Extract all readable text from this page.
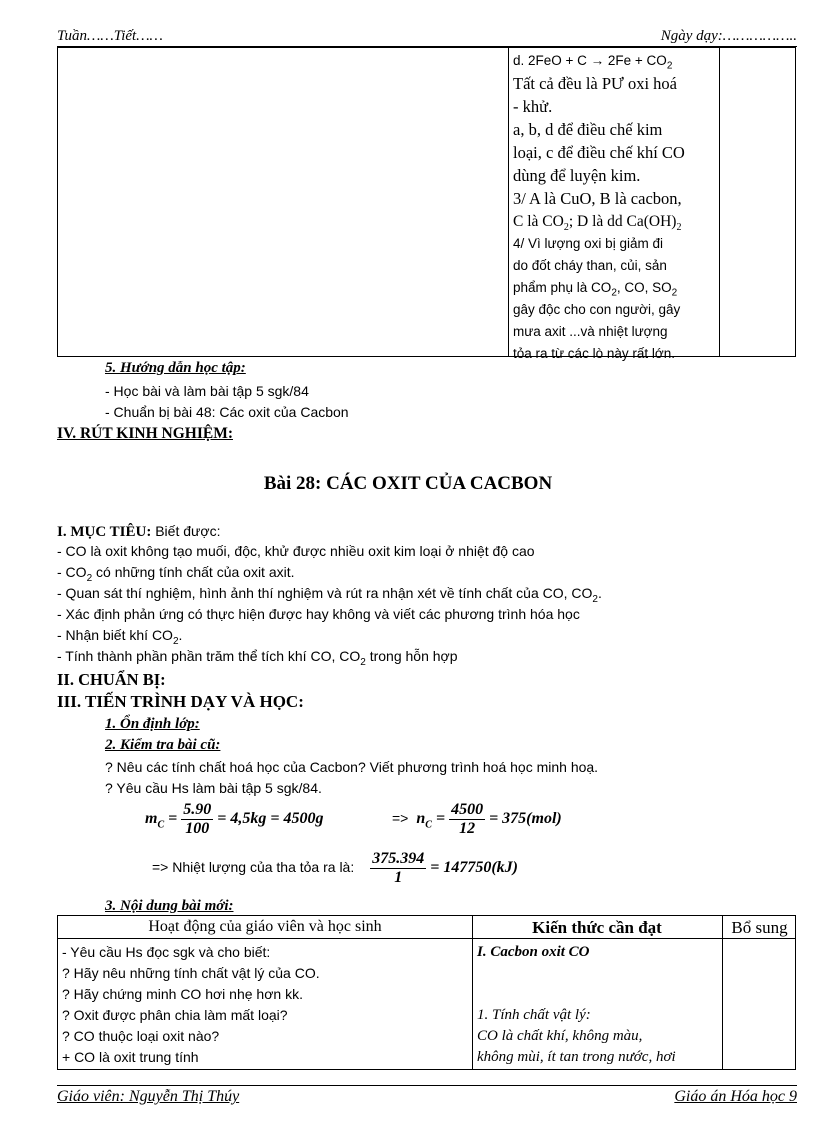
Tuần……Tiết……	Ngày dạy:……………..
d. $2FeO + C \to 2Fe + CO_2$
Tất cả đều là PƯ oxi hoá
- khử.
a, b, d để điều chế kim
loại, c để điều chế khí CO
dùng để luyện kim.
3/ A là CuO, B là cacbon,
C là $CO_2$; D là dd $Ca(OH)_2$
4/ Vì lượng oxi bị giảm đi
do đốt cháy than, củi, sản
phẩm phụ là $CO_2$, CO, $SO_2$
gây độc cho con người, gây
mưa axit ...và nhiệt lượng
tỏa ra từ các lò này rất lớn.
5. Hướng dẫn học tập:
- Học bài và làm bài tập 5 sgk/84
- Chuẩn bị bài 48: Các oxit của Cacbon
IV. RÚT KINH NGHIỆM:
Bài 28: CÁC OXIT CỦA CACBON
I. MỤC TIÊU: Biết được:
- CO là oxit không tạo muối, độc, khử được nhiều oxit kim loại ở nhiệt độ cao
- $CO_2$ có những tính chất của oxit axit.
- Quan sát thí nghiệm, hình ảnh thí nghiệm và rút ra nhận xét về tính chất của CO, $CO_2$.
- Xác định phản ứng có thực hiện được hay không và viết các phương trình hóa học
- Nhận biết khí $CO_2$.
- Tính thành phần phần trăm thể tích khí CO, $CO_2$ trong hỗn hợp
II. CHUẨN BỊ:
III. TIẾN TRÌNH DẠY VÀ HỌC:
1. Ổn định lớp:
2. Kiểm tra bài cũ:
? Nêu các tính chất hoá học của Cacbon? Viết phương trình hoá học minh hoạ.
? Yêu cầu Hs làm bài tập 5 sgk/84.
$m_C = \frac{5.90}{100} = 4,5kg = 4500g$	=> $n_C = \frac{4500}{12} = 375(mol)$
=> Nhiệt lượng của tha tỏa ra là: $\frac{375.394}{1} = 147750(kJ)$
3. Nội dung bài mới:
Hoạt động của giáo viên và học sinh	Kiến thức cần đạt	Bổ sung
- Yêu cầu Hs đọc sgk và cho biết:
? Hãy nêu những tính chất vật lý của CO.
? Hãy chứng minh CO hơi nhẹ hơn kk.
? Oxit được phân chia làm mất loại?
? CO thuộc loại oxit nào?
+ CO là oxit trung tính
I. Cacbon oxit CO

1. Tính chất vật lý:
CO là chất khí, không màu,
không mùi, ít tan trong nước, hơi
Giáo viên: Nguyễn Thị Thúy	Giáo án Hóa học 9
